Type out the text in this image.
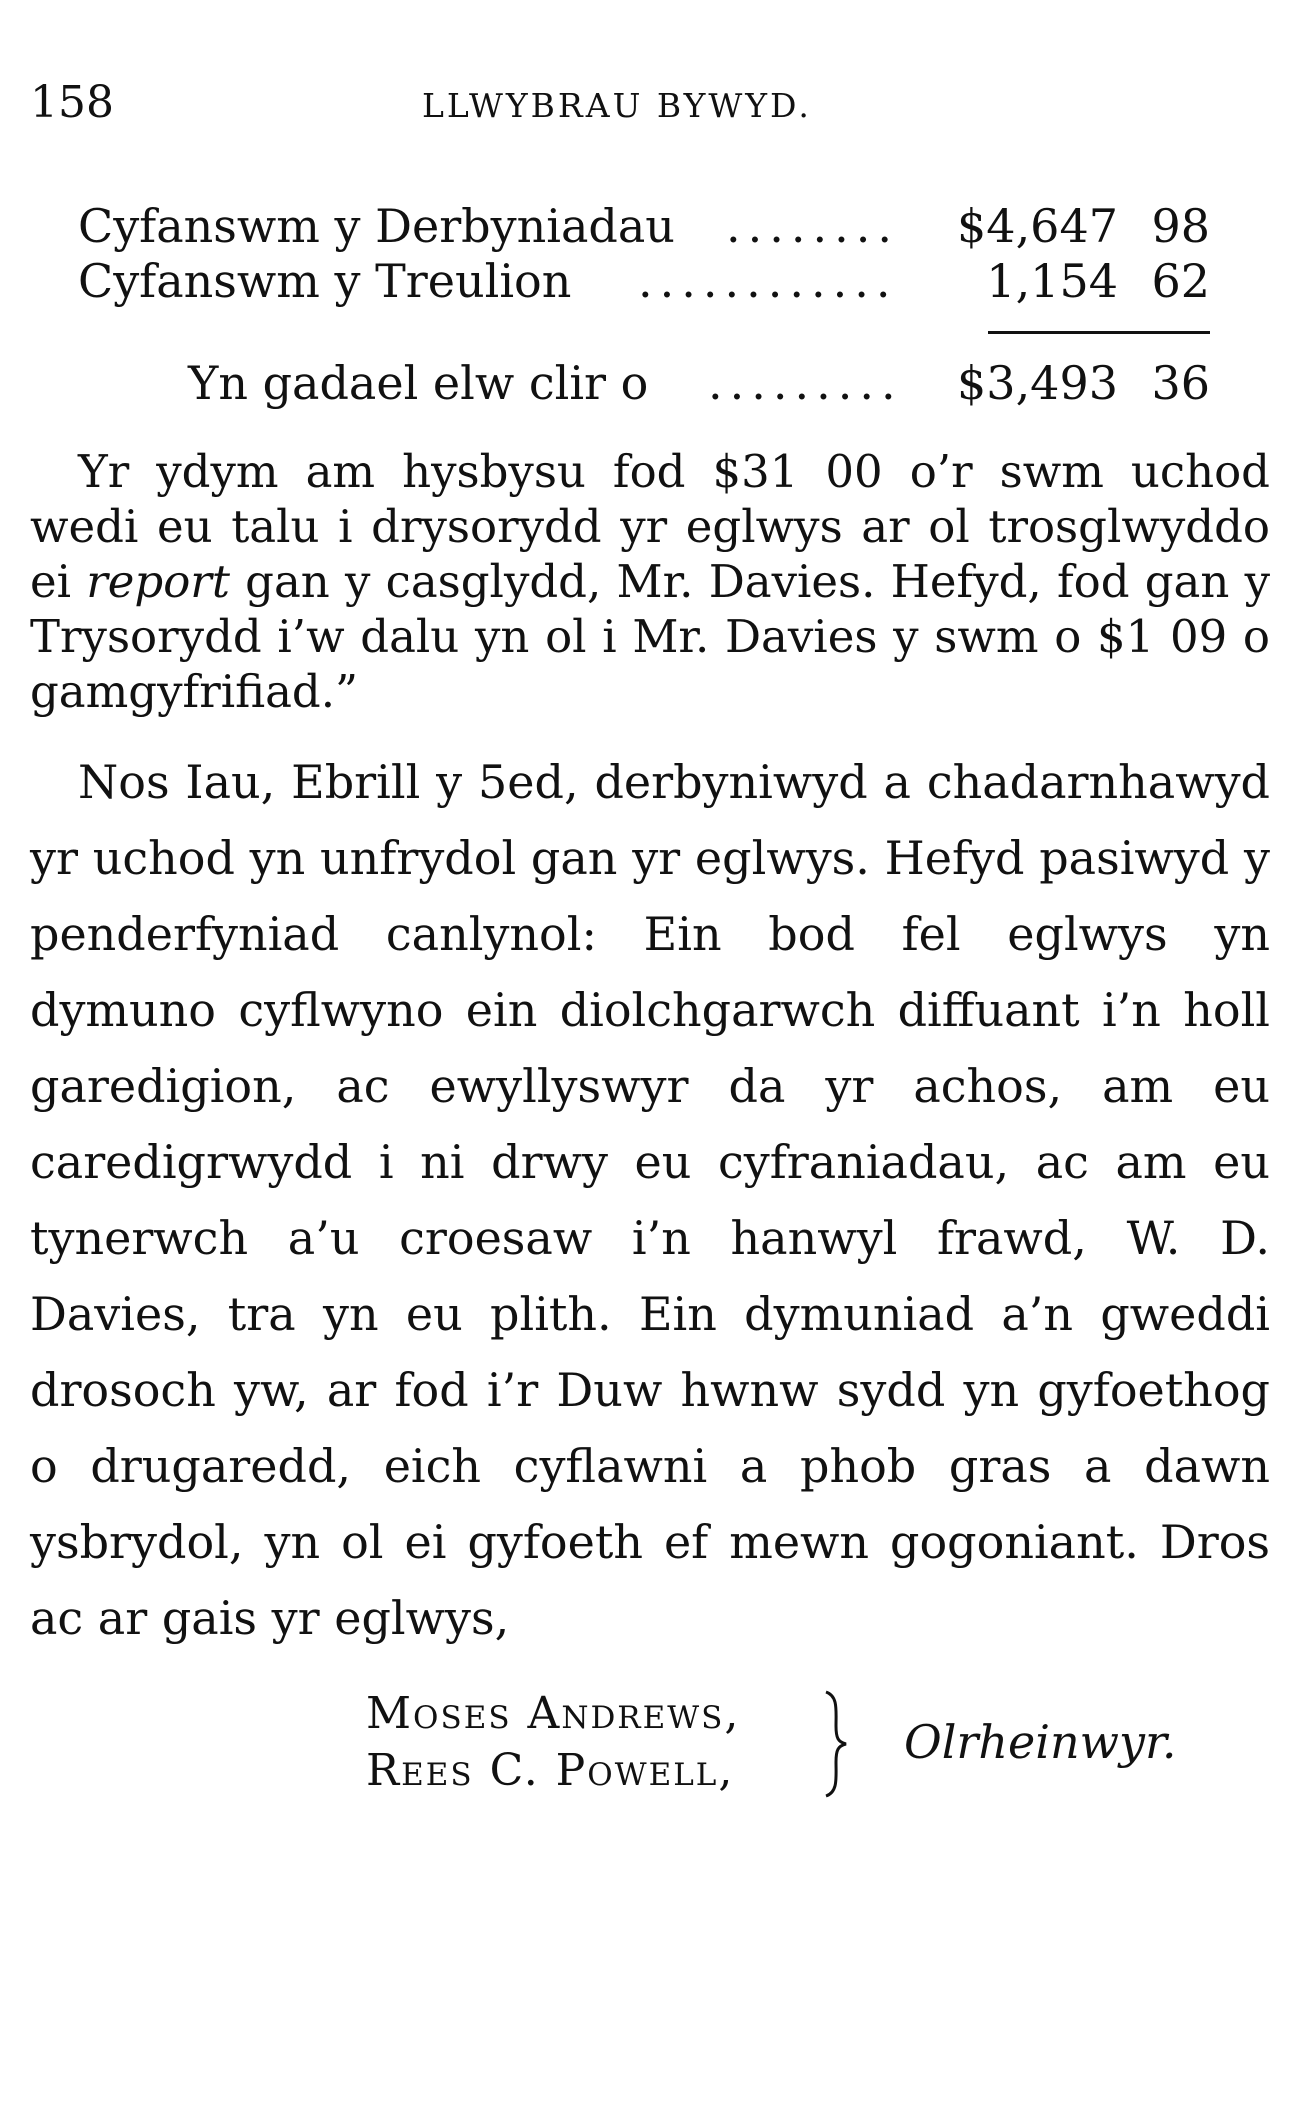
158	LLWYBRAU BYWYD.
Cyfanswm y Derbyniadau ........ $4,647 98
Cyfanswm y Treulion ............ 1,154 62
Yn gadael elw clir o ......... $3,493 36

Yr ydym am hysbysu fod $31 00 o’r swm uchod wedi eu talu i drysorydd yr eglwys ar ol trosglwyddo ei report gan y casglydd, Mr. Davies. Hefyd, fod gan y Trysorydd i’w dalu yn ol i Mr. Davies y swm o $1 09 o gamgyfrifiad.”

Nos Iau, Ebrill y 5ed, derbyniwyd a chadarnhawyd yr uchod yn unfrydol gan yr eglwys. Hefyd pasiwyd y penderfyniad canlynol: Ein bod fel eglwys yn dymuno cyflwyno ein diolchgarwch diffuant i’n holl garedigion, ac ewyllyswyr da yr achos, am eu caredigrwydd i ni drwy eu cyfraniadau, ac am eu tynerwch a’u croesaw i’n hanwyl frawd, W. D. Davies, tra yn eu plith. Ein dymuniad a’n gweddi drosoch yw, ar fod i’r Duw hwnw sydd yn gyfoethog o drugaredd, eich cyflawni a phob gras a dawn ysbrydol, yn ol ei gyfoeth ef mewn gogoniant. Dros ac ar gais yr eglwys,

Moses Andrews,
Rees C. Powell,
Olrheinwyr.
